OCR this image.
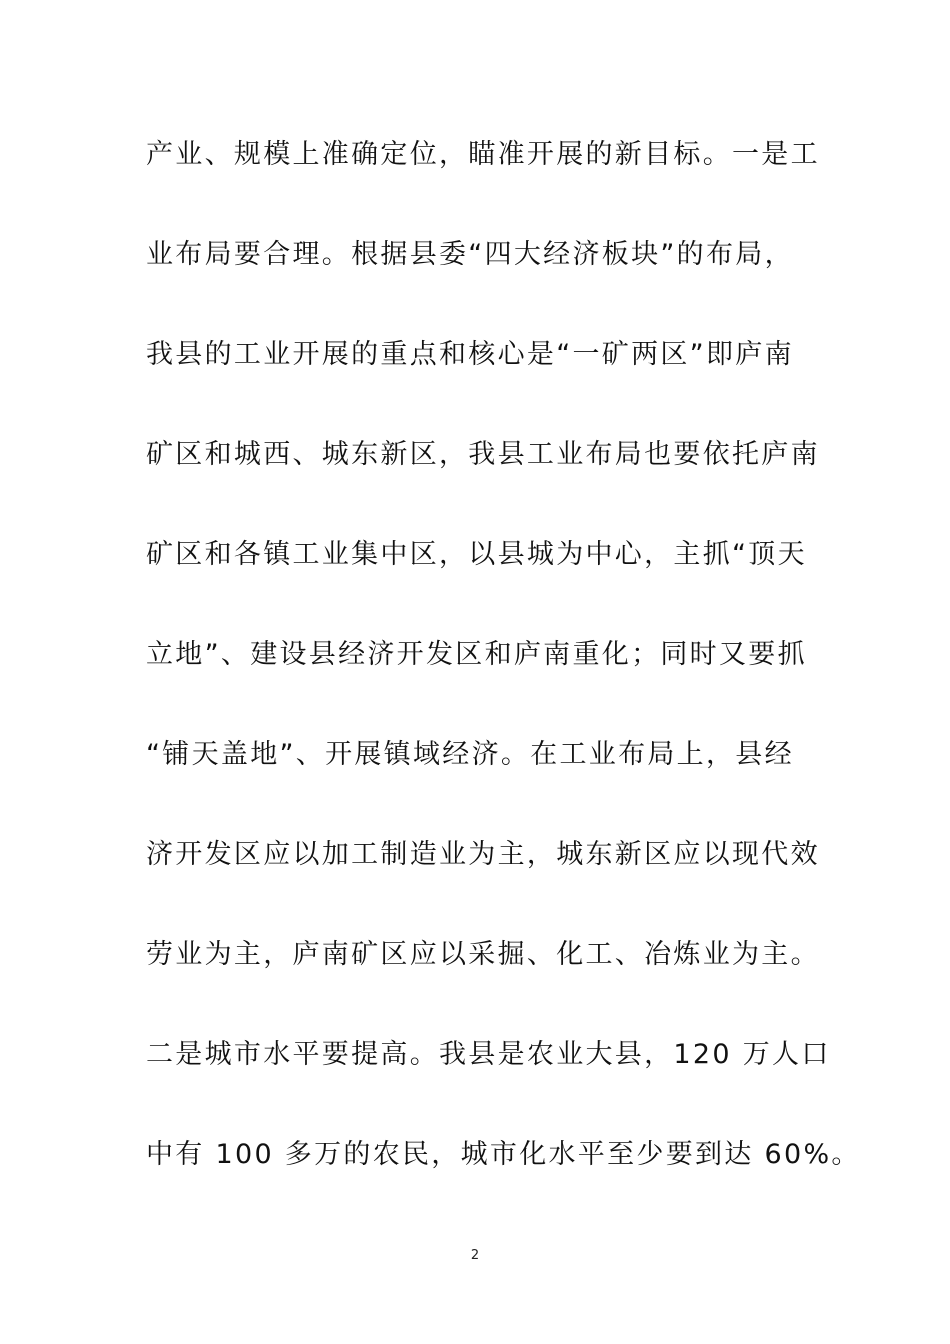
产业、规模上准确定位，瞄准开展的新目标。一是工
业布局要合理。根据县委“四大经济板块”的布局，
我县的工业开展的重点和核心是“一矿两区”即庐南
矿区和城西、城东新区，我县工业布局也要依托庐南
矿区和各镇工业集中区，以县城为中心，主抓“顶天
立地”、建设县经济开发区和庐南重化；同时又要抓
“铺天盖地”、开展镇域经济。在工业布局上，县经
济开发区应以加工制造业为主，城东新区应以现代效
劳业为主，庐南矿区应以采掘、化工、冶炼业为主。
二是城市水平要提高。我县是农业大县，120 万人口
中有 100 多万的农民，城市化水平至少要到达 60%。
2
